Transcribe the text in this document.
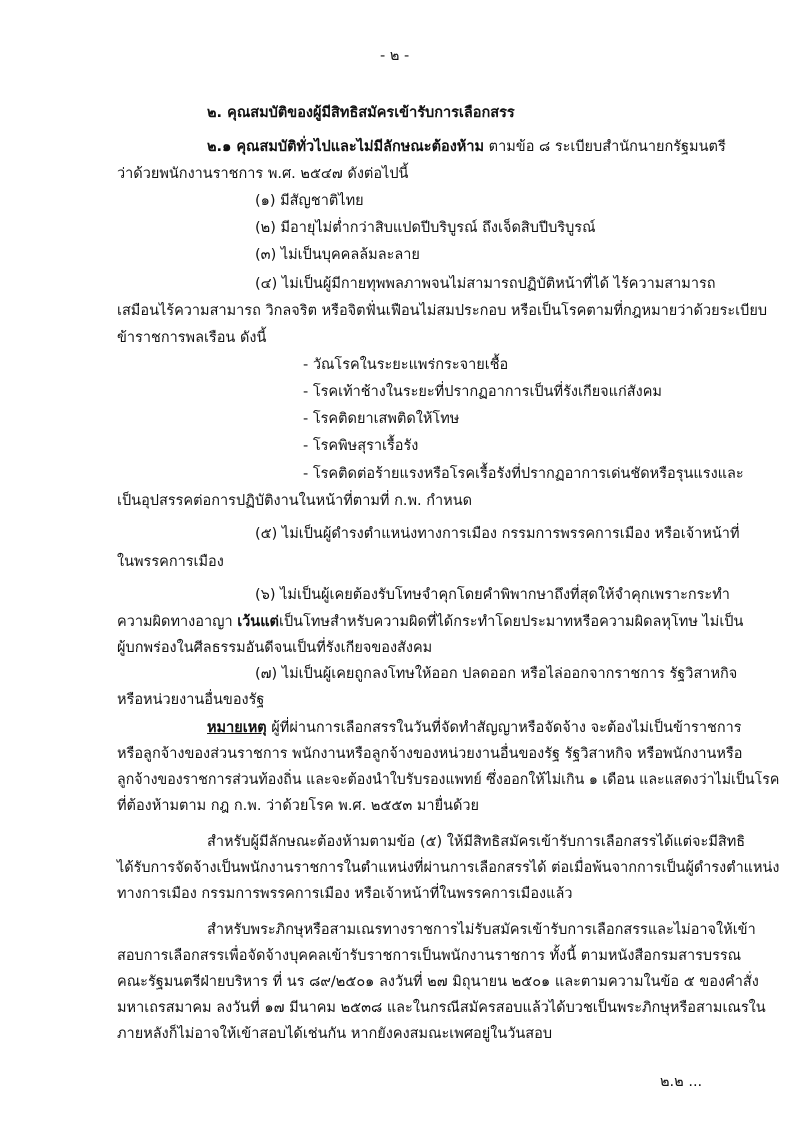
- ๒ -
๒. คุณสมบัติของผู้มีสิทธิสมัครเข้ารับการเลือกสรร
๒.๑ คุณสมบัติทั่วไปและไม่มีลักษณะต้องห้าม ตามข้อ ๘ ระเบียบสำนักนายกรัฐมนตรี
ว่าด้วยพนักงานราชการ พ.ศ. ๒๕๔๗ ดังต่อไปนี้
(๑) มีสัญชาติไทย
(๒) มีอายุไม่ต่ำกว่าสิบแปดปีบริบูรณ์ ถึงเจ็ดสิบปีบริบูรณ์
(๓) ไม่เป็นบุคคลล้มละลาย
(๔) ไม่เป็นผู้มีกายทุพพลภาพจนไม่สามารถปฏิบัติหน้าที่ได้ ไร้ความสามารถ
เสมือนไร้ความสามารถ วิกลจริต หรือจิตฟั่นเฟือนไม่สมประกอบ หรือเป็นโรคตามที่กฎหมายว่าด้วยระเบียบ
ข้าราชการพลเรือน ดังนี้
- วัณโรคในระยะแพร่กระจายเชื้อ
- โรคเท้าช้างในระยะที่ปรากฏอาการเป็นที่รังเกียจแก่สังคม
- โรคติดยาเสพติดให้โทษ
- โรคพิษสุราเรื้อรัง
- โรคติดต่อร้ายแรงหรือโรคเรื้อรังที่ปรากฏอาการเด่นชัดหรือรุนแรงและ
เป็นอุปสรรคต่อการปฏิบัติงานในหน้าที่ตามที่ ก.พ. กำหนด
(๕) ไม่เป็นผู้ดำรงตำแหน่งทางการเมือง กรรมการพรรคการเมือง หรือเจ้าหน้าที่
ในพรรคการเมือง
(๖) ไม่เป็นผู้เคยต้องรับโทษจำคุกโดยคำพิพากษาถึงที่สุดให้จำคุกเพราะกระทำ
ความผิดทางอาญา เว้นแต่เป็นโทษสำหรับความผิดที่ได้กระทำโดยประมาทหรือความผิดลหุโทษ ไม่เป็น
ผู้บกพร่องในศีลธรรมอันดีจนเป็นที่รังเกียจของสังคม
(๗) ไม่เป็นผู้เคยถูกลงโทษให้ออก ปลดออก หรือไล่ออกจากราชการ รัฐวิสาหกิจ
หรือหน่วยงานอื่นของรัฐ
หมายเหตุ ผู้ที่ผ่านการเลือกสรรในวันที่จัดทำสัญญาหรือจัดจ้าง จะต้องไม่เป็นข้าราชการ
หรือลูกจ้างของส่วนราชการ พนักงานหรือลูกจ้างของหน่วยงานอื่นของรัฐ รัฐวิสาหกิจ หรือพนักงานหรือ
ลูกจ้างของราชการส่วนท้องถิ่น และจะต้องนำใบรับรองแพทย์ ซึ่งออกให้ไม่เกิน ๑ เดือน และแสดงว่าไม่เป็นโรค
ที่ต้องห้ามตาม กฎ ก.พ. ว่าด้วยโรค พ.ศ. ๒๕๕๓ มายื่นด้วย
สำหรับผู้มีลักษณะต้องห้ามตามข้อ (๕) ให้มีสิทธิสมัครเข้ารับการเลือกสรรได้แต่จะมีสิทธิ
ได้รับการจัดจ้างเป็นพนักงานราชการในตำแหน่งที่ผ่านการเลือกสรรได้ ต่อเมื่อพ้นจากการเป็นผู้ดำรงตำแหน่ง
ทางการเมือง กรรมการพรรคการเมือง หรือเจ้าหน้าที่ในพรรคการเมืองแล้ว
สำหรับพระภิกษุหรือสามเณรทางราชการไม่รับสมัครเข้ารับการเลือกสรรและไม่อาจให้เข้า
สอบการเลือกสรรเพื่อจัดจ้างบุคคลเข้ารับราชการเป็นพนักงานราชการ ทั้งนี้ ตามหนังสือกรมสารบรรณ
คณะรัฐมนตรีฝ่ายบริหาร ที่ นร ๘๙/๒๕๐๑ ลงวันที่ ๒๗ มิถุนายน ๒๕๐๑ และตามความในข้อ ๕ ของคำสั่ง
มหาเถรสมาคม ลงวันที่ ๑๗ มีนาคม ๒๕๓๘ และในกรณีสมัครสอบแล้วได้บวชเป็นพระภิกษุหรือสามเณรใน
ภายหลังก็ไม่อาจให้เข้าสอบได้เช่นกัน หากยังคงสมณะเพศอยู่ในวันสอบ
๒.๒ ...
